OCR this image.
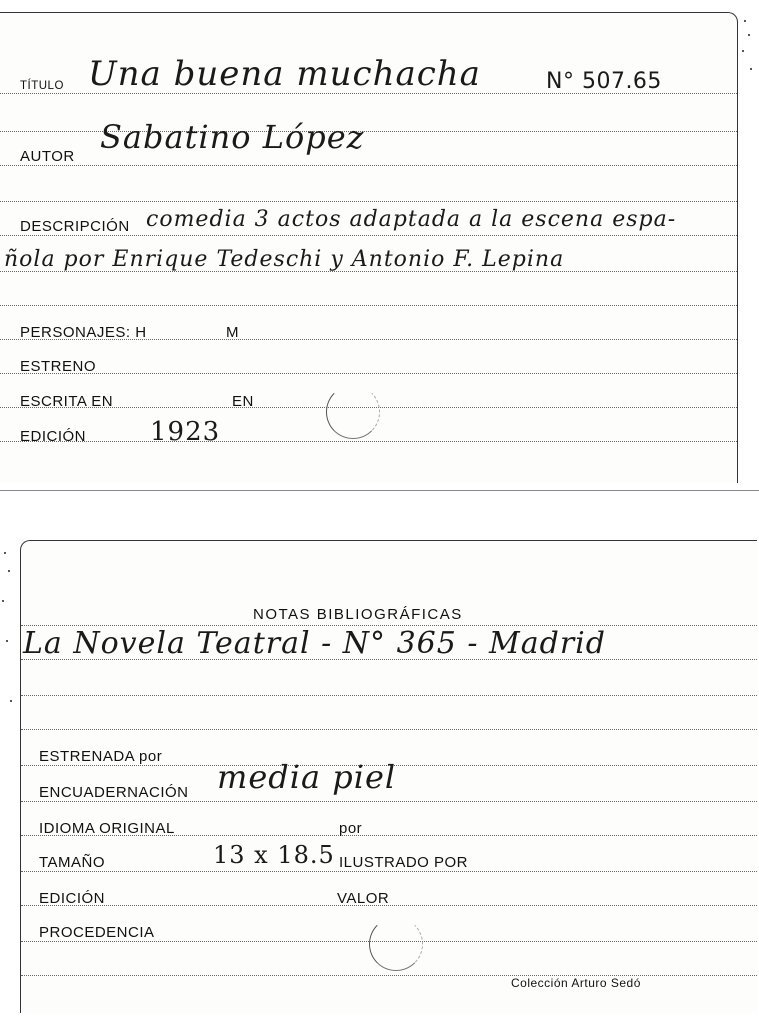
TÍTULO Una buena muchacha	N° 507.65
AUTOR
Sabatino López
DESCRIPCIÓN comedia 3 actos adaptada a la escena espa-
ñola por Enrique Tedeschi y Antonio F. Lepina
PERSONAJES: H	M
ESTRENO
ESCRITA EN	EN
EDICIÓN 1923
NOTAS BIBLIOGRÁFICAS
La Novela Teatral - N° 365 - Madrid
ESTRENADA por
ENCUADERNACIÓN media piel
IDIOMA ORIGINAL	por
TAMAÑO	13 x 18.5 ILUSTRADO POR
EDICIÓN	VALOR
PROCEDENCIA
Colección Arturo Sedó
